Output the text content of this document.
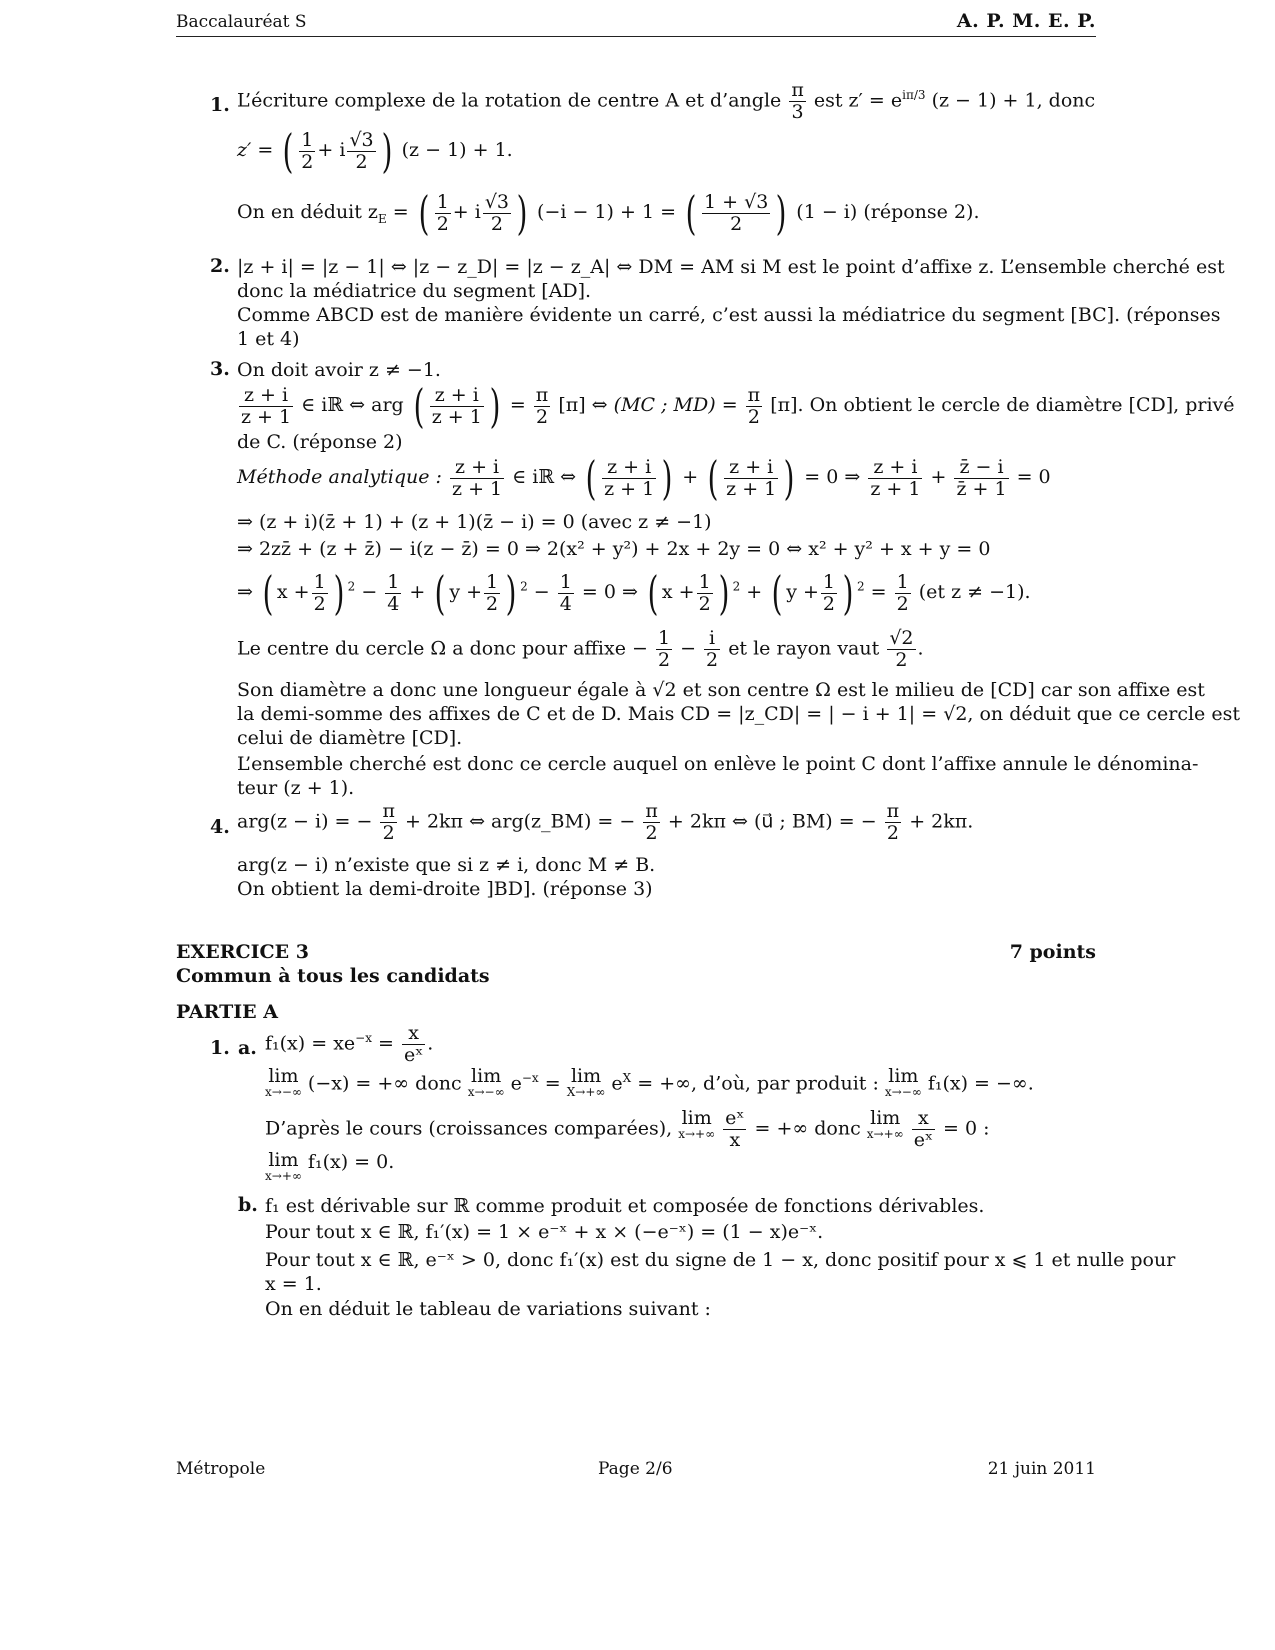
Baccalauréat S	A. P. M. E. P.
1. L’écriture complexe de la rotation de centre A et d’angle $\frac{\pi}{3}$ est $z' = e^{i\pi/3}$ (z − 1) + 1, donc
z′ = ( $\frac{1}{2} + i \frac{√3}{2}$ ) (z − 1) + 1.
On en déduit $z_E$ = ( $\frac{1}{2} + i \frac{√3}{2}$ ) (−i − 1) + 1 = ( $\frac{1 + √3}{2}$ ) (1 − i) (réponse 2).
2. |z + i| = |z − 1| ⇔ |z − z_D| = |z − z_A| ⇔ DM = AM si M est le point d’affixe z. L’ensemble cherché est
donc la médiatrice du segment [AD].
Comme ABCD est de manière évidente un carré, c’est aussi la médiatrice du segment [BC]. (réponses
1 et 4)
3. On doit avoir z ≠ −1.
$\frac{z + i}{z + 1}$ ∈ iℝ ⇔ arg ( $\frac{z + i}{z + 1}$ ) = $\frac{\pi}{2} [\pi]$ ⇔ (MC ; $MD) = \frac{\pi}{2} [\pi]$. On obtient le cercle de diamètre [CD], privé
de C. (réponse 2)
Méthode analytique : $\frac{z + i}{z + 1}$ ∈ iℝ ⇔ ( $\frac{z + i}{z + 1}$ ) + ( $\frac{z + i}{z + 1}$ ) = 0 ⇒ $\frac{z + i}{z + 1} + \frac{z̄ - i}{z̄ + 1} = 0$
⇒ (z + i)(z̄ + 1) + (z + 1)(z̄ − i) = 0 (avec z ≠ −1)
⇒ 2zz̄ + (z + z̄) − i(z − z̄) = 0 ⇒ 2(x² + y²) + 2x + 2y = 0 ⇔ x² + y² + x + y = 0
⇒ ( $x + \frac{1}{2}$ ) $^2 - \frac{1}{4}$ + ( $y + \frac{1}{2}$ ) $^2 - \frac{1}{4} = 0$ ⇒ ( $x + \frac{1}{2}$ ) $^2$ + ( $y + \frac{1}{2}$ ) $^2 = \frac{1}{2} (et$ z ≠ −1).
Le centre du cercle Ω a donc pour affixe − $\frac{1}{2} - \frac{i}{2}$ et le rayon vaut $\frac{√2}{2}$ .
Son diamètre a donc une longueur égale à √2 et son centre Ω est le milieu de [CD] car son affixe est
la demi-somme des affixes de C et de D. Mais CD = |z_CD| = | − i + 1| = √2, on déduit que ce cercle est
celui de diamètre [CD].
L’ensemble cherché est donc ce cercle auquel on enlève le point C dont l’affixe annule le dénomina-
teur (z + 1).
4. arg(z − i) = − $\frac{\pi}{2} + 2k\pi$ ⇔ arg(z_BM) = − $\frac{\pi}{2} + 2k\pi$ ⇔ (u⃗ ; BM) = − $\frac{\pi}{2} + 2k\pi$.
arg(z − i) n’existe que si z ≠ i, donc M ≠ B.
On obtient la demi-droite ]BD]. (réponse 3)
EXERCICE 3	7 points
Commun à tous les candidats
PARTIE A
1. a. $f_1(x) = xe^{-x} = \frac{x}{\text{eˣ}}$ .
lim
x→−∞ (−x) = +∞ donc lim
x→−∞ $e^{-x} = \lim$
X→+∞ $e^X$ = +∞, d’où, par produit : lim
x→−∞ f₁(x) = −∞.
D’après le cours (croissances comparées), lim
x→+∞
$\frac{\text{eˣ}}{x}$ = +∞ donc lim
x→+∞
$\frac{x}{\text{eˣ}} = 0$ :
lim
x→+∞
f₁(x) = 0.
b. f₁ est dérivable sur ℝ comme produit et composée de fonctions dérivables.
Pour tout x ∈ ℝ, f₁′(x) = 1 × e⁻ˣ + x × (−e⁻ˣ) = (1 − x)e⁻ˣ.
Pour tout x ∈ ℝ, e⁻ˣ > 0, donc f₁′(x) est du signe de 1 − x, donc positif pour x ⩽ 1 et nulle pour
x = 1.
On en déduit le tableau de variations suivant :
Métropole	Page 2/6	21 juin 2011
